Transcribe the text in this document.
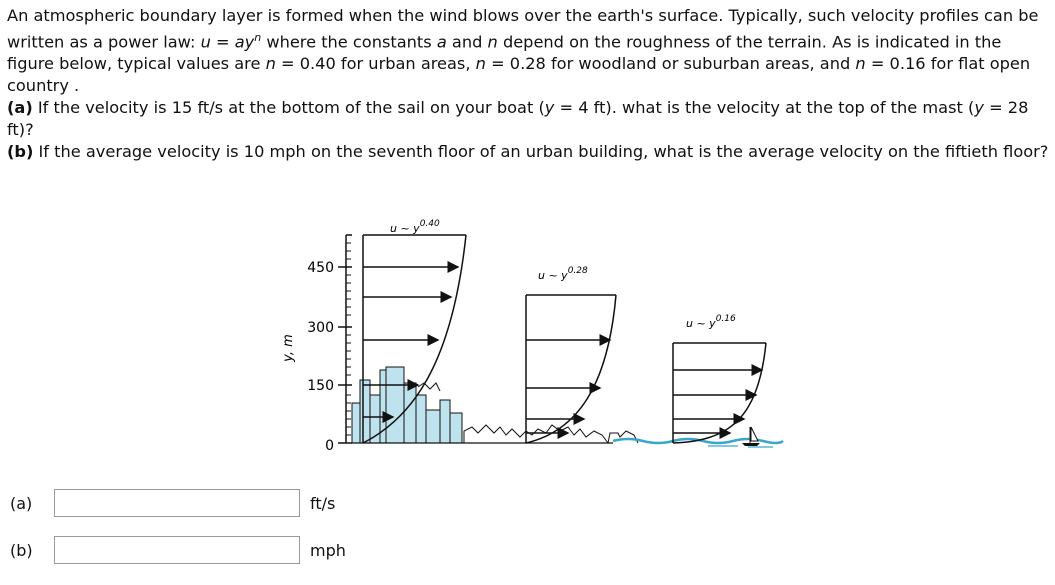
An atmospheric boundary layer is formed when the wind blows over the earth's surface. Typically, such velocity profiles can be written as a power law: $u = ay^n$ where the constants a and n depend on the roughness of the terrain. As is indicated in the figure below, typical values are n = 0.40 for urban areas, n = 0.28 for woodland or suburban areas, and n = 0.16 for flat open country .

(a) If the velocity is 15 ft/s at the bottom of the sail on your boat (y = 4 ft). what is the velocity at the top of the mast (y = 28 ft)?

(b) If the average velocity is 10 mph on the seventh floor of an urban building, what is the average velocity on the fiftieth floor?

y, m
450
300
150
0
u ~ $y^{0.40}$
u ~ $y^{0.28}$
u ~ $y^{0.16}$
(a)	ft/s
(b)	mph
